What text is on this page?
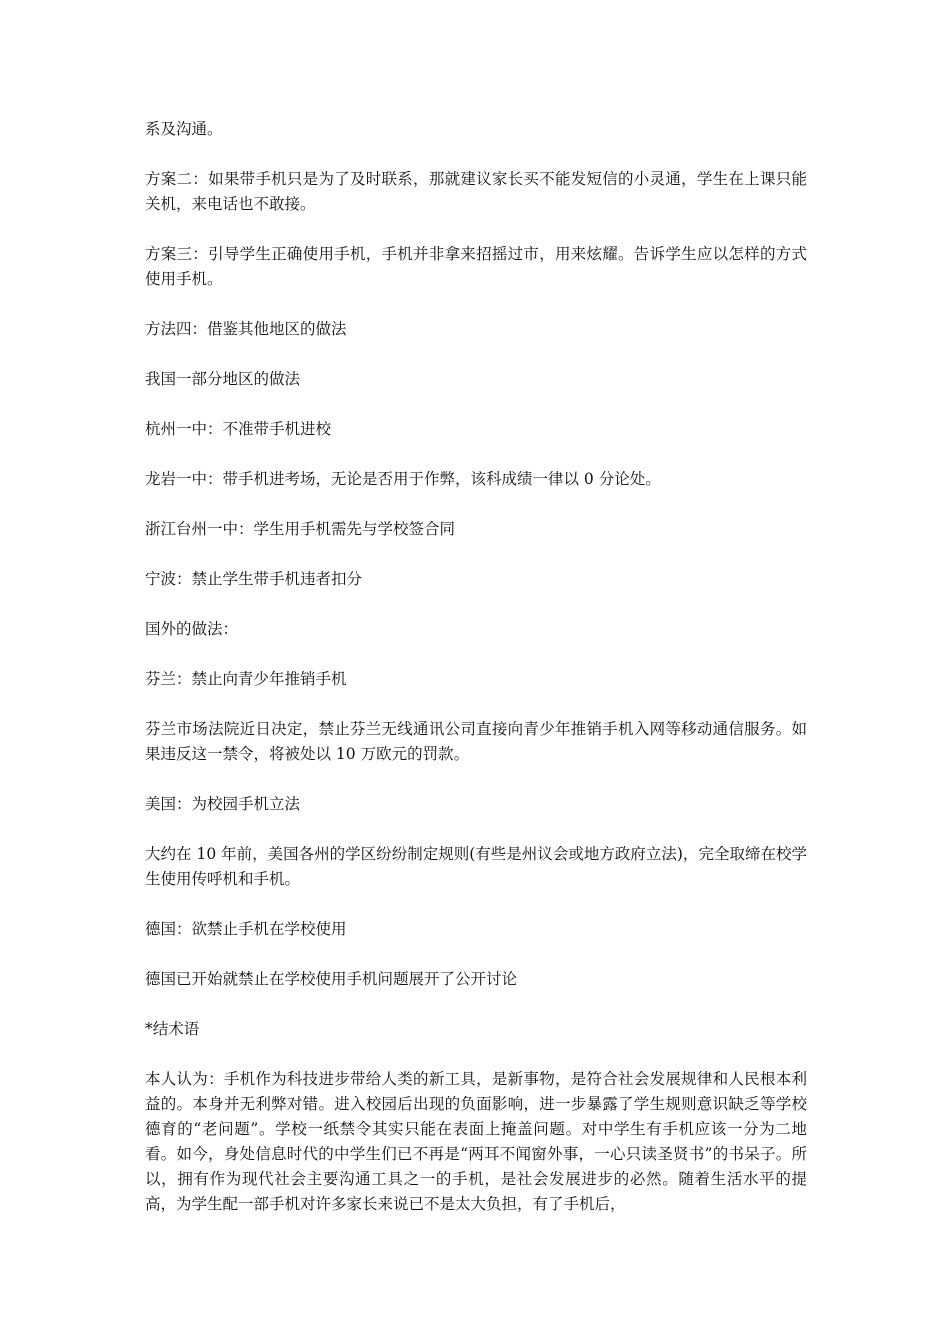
系及沟通。

方案二：如果带手机只是为了及时联系，那就建议家长买不能发短信的小灵通，学生在上课只能关机，来电话也不敢接。

方案三：引导学生正确使用手机，手机并非拿来招摇过市，用来炫耀。告诉学生应以怎样的方式使用手机。

方法四：借鉴其他地区的做法

我国一部分地区的做法

杭州一中：不准带手机进校

龙岩一中：带手机进考场，无论是否用于作弊，该科成绩一律以 0 分论处。

浙江台州一中：学生用手机需先与学校签合同

宁波：禁止学生带手机违者扣分

国外的做法：

芬兰：禁止向青少年推销手机

芬兰市场法院近日决定，禁止芬兰无线通讯公司直接向青少年推销手机入网等移动通信服务。如果违反这一禁令，将被处以 10 万欧元的罚款。

美国：为校园手机立法

大约在 10 年前，美国各州的学区纷纷制定规则(有些是州议会或地方政府立法)，完全取缔在校学生使用传呼机和手机。

德国：欲禁止手机在学校使用

德国已开始就禁止在学校使用手机问题展开了公开讨论

*结术语

本人认为：手机作为科技进步带给人类的新工具，是新事物，是符合社会发展规律和人民根本利益的。本身并无利弊对错。进入校园后出现的负面影响，进一步暴露了学生规则意识缺乏等学校德育的“老问题”。学校一纸禁令其实只能在表面上掩盖问题。对中学生有手机应该一分为二地看。如今，身处信息时代的中学生们已不再是“两耳不闻窗外事，一心只读圣贤书”的书呆子。所以，拥有作为现代社会主要沟通工具之一的手机，是社会发展进步的必然。随着生活水平的提高，为学生配一部手机对许多家长来说已不是太大负担，有了手机后，
